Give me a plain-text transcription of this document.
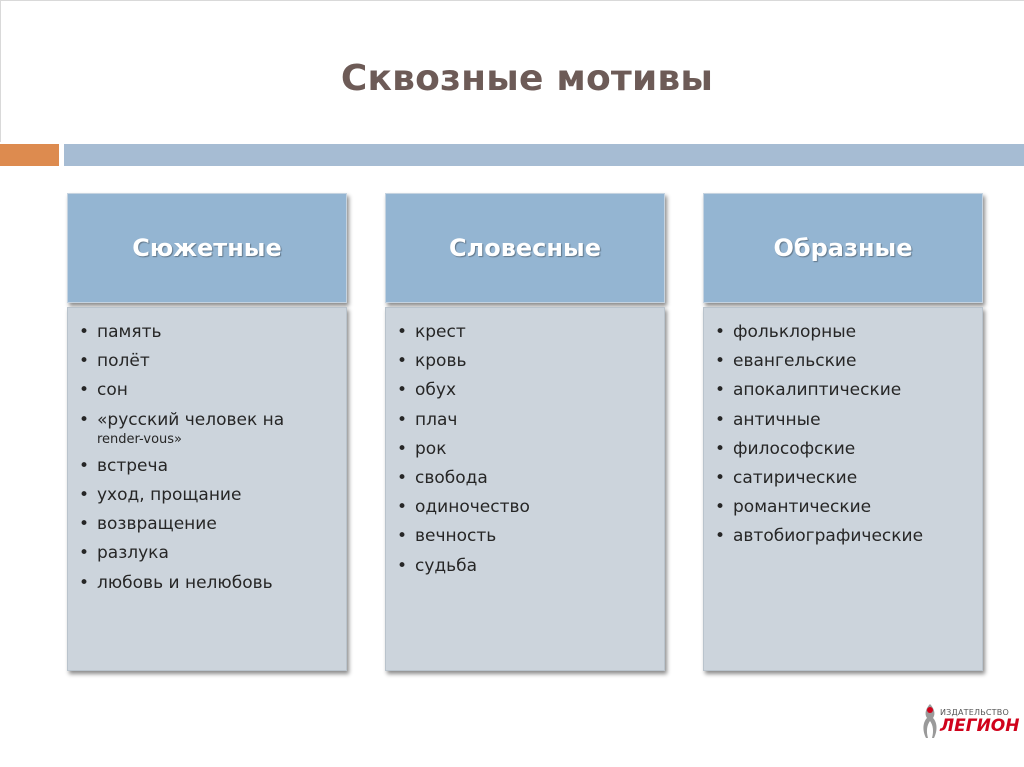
Сквозные мотивы
Сюжетные
• память
• полёт
• сон
• «русский человек на
render-vous»
• встреча
• уход, прощание
• возвращение
• разлука
• любовь и нелюбовь
Словесные
• крест
• кровь
• обух
• плач
• рок
• свобода
• одиночество
• вечность
• судьба
Образные
• фольклорные
• евангельские
• апокалиптические
• античные
• философские
• сатирические
• романтические
• автобиографические
ИЗДАТЕЛЬСТВО
ЛЕГИОН
